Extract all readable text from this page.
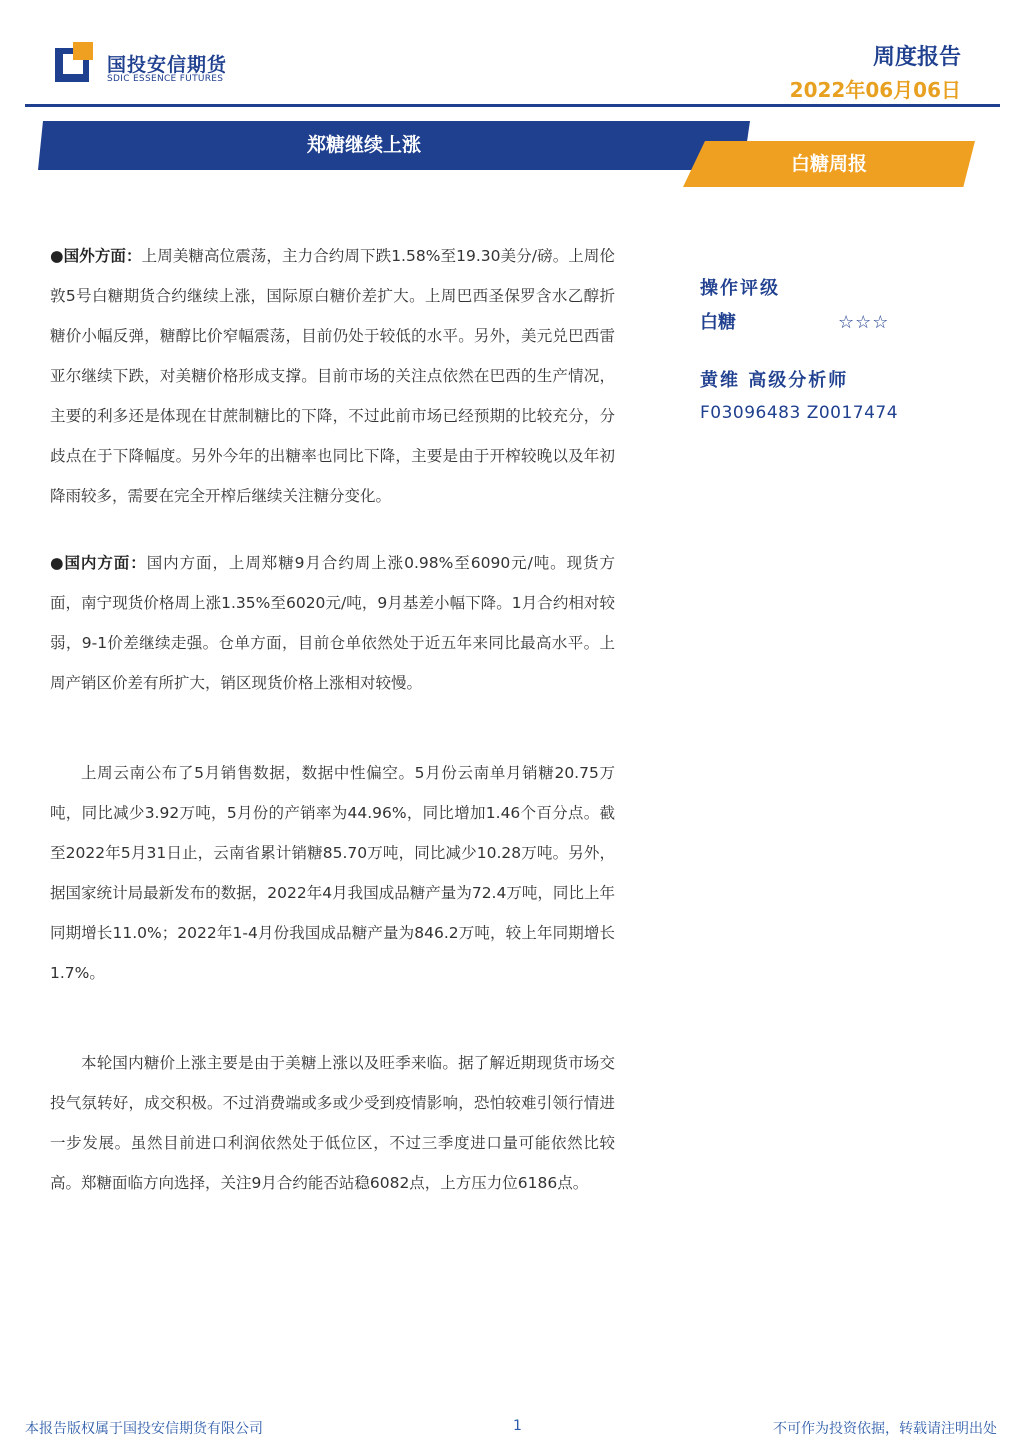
国投安信期货
SDIC ESSENCE FUTURES
周度报告
2022年06月06日
郑糖继续上涨
白糖周报

●国外方面：上周美糖高位震荡，主力合约周下跌1.58%至19.30美分/磅。上周伦敦5号白糖期货合约继续上涨，国际原白糖价差扩大。上周巴西圣保罗含水乙醇折糖价小幅反弹，糖醇比价窄幅震荡，目前仍处于较低的水平。另外，美元兑巴西雷亚尔继续下跌，对美糖价格形成支撑。目前市场的关注点依然在巴西的生产情况，主要的利多还是体现在甘蔗制糖比的下降，不过此前市场已经预期的比较充分，分歧点在于下降幅度。另外今年的出糖率也同比下降，主要是由于开榨较晚以及年初降雨较多，需要在完全开榨后继续关注糖分变化。

●国内方面：国内方面，上周郑糖9月合约周上涨0.98%至6090元/吨。现货方面，南宁现货价格周上涨1.35%至6020元/吨，9月基差小幅下降。1月合约相对较弱，9-1价差继续走强。仓单方面，目前仓单依然处于近五年来同比最高水平。上周产销区价差有所扩大，销区现货价格上涨相对较慢。

上周云南公布了5月销售数据，数据中性偏空。5月份云南单月销糖20.75万吨，同比减少3.92万吨，5月份的产销率为44.96%，同比增加1.46个百分点。截至2022年5月31日止，云南省累计销糖85.70万吨，同比减少10.28万吨。另外，据国家统计局最新发布的数据，2022年4月我国成品糖产量为72.4万吨，同比上年同期增长11.0%；2022年1-4月份我国成品糖产量为846.2万吨，较上年同期增长1.7%。

本轮国内糖价上涨主要是由于美糖上涨以及旺季来临。据了解近期现货市场交投气氛转好，成交积极。不过消费端或多或少受到疫情影响，恐怕较难引领行情进一步发展。虽然目前进口利润依然处于低位区，不过三季度进口量可能依然比较高。郑糖面临方向选择，关注9月合约能否站稳6082点，上方压力位6186点。

操作评级
白糖	☆☆☆
黄维 高级分析师
F03096483 Z0017474
本报告版权属于国投安信期货有限公司	1	不可作为投资依据，转载请注明出处
